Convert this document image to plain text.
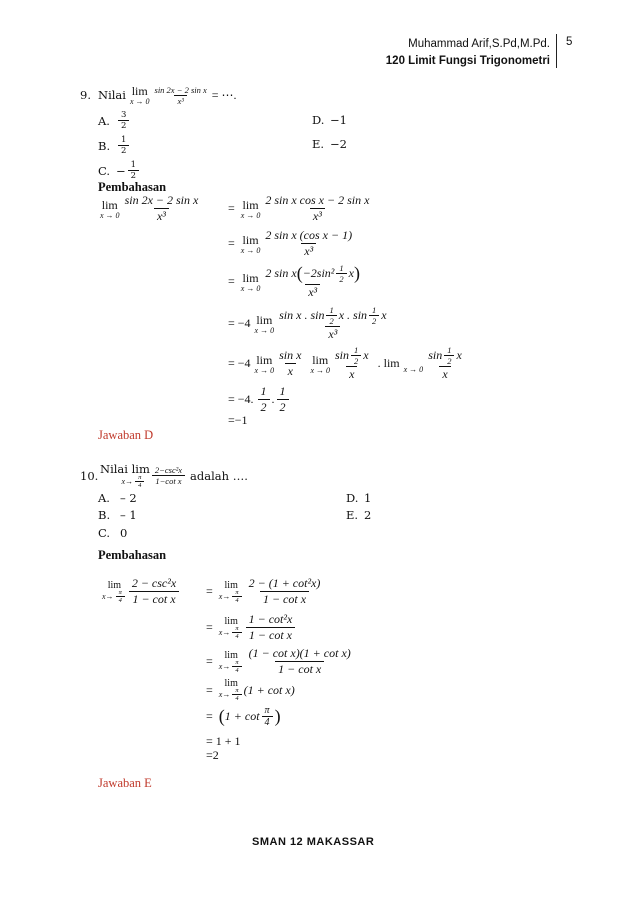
Muhammad Arif,S.Pd,M.Pd.
120 Limit Fungsi Trigonometri
5
9. Nilai lim
$x \to 0 \frac{\text{sin 2x − 2 sin x}}{\text{x³}}$ = ⋯.
A.	3
2
B.	1
2
C. − $\frac{1}{2}$
D. −1
E. −2
Pembahasan
lim
x → 0
sin 2x − 2 sin x
x³
= lim
x → 0
2 sin x cos x − 2 sin x
x³
= lim
x → 0
2 sin x (cos x − 1)
x³
= lim
x → 0
2 sin x ( −2sin² 1
2 x )
x³
= −4 lim
x → 0
sin x . sin 1
2 x . sin 1
2 x
x³
= −4 lim
x → 0
sin x
x
lim
x → 0
sin 1
2 x
x
. lim x → 0
sin 1
2 x
x
= −4.
1
2
.
1
2
=−1
Jawaban D
10. Nilai lim
x→ π
4
2−csc²x
1−cot x adalah ….
A. – 2
B. – 1
C. 0
D. 1
E. 2
Pembahasan
lim
x→ π
4
2 − csc²x
1 − cot x
= lim
x→ π
4
2 − (1 + cot²x)
1 − cot x
= lim
x→ π
4
1 − cot²x
1 − cot x
= lim
x→ π
4
(1 − cot x)(1 + cot x)
1 − cot x
= lim
x→ π
4
(1 + cot x)
= ( 1 + cot π
4 )
= 1 + 1
=2
Jawaban E
SMAN 12 MAKASSAR
